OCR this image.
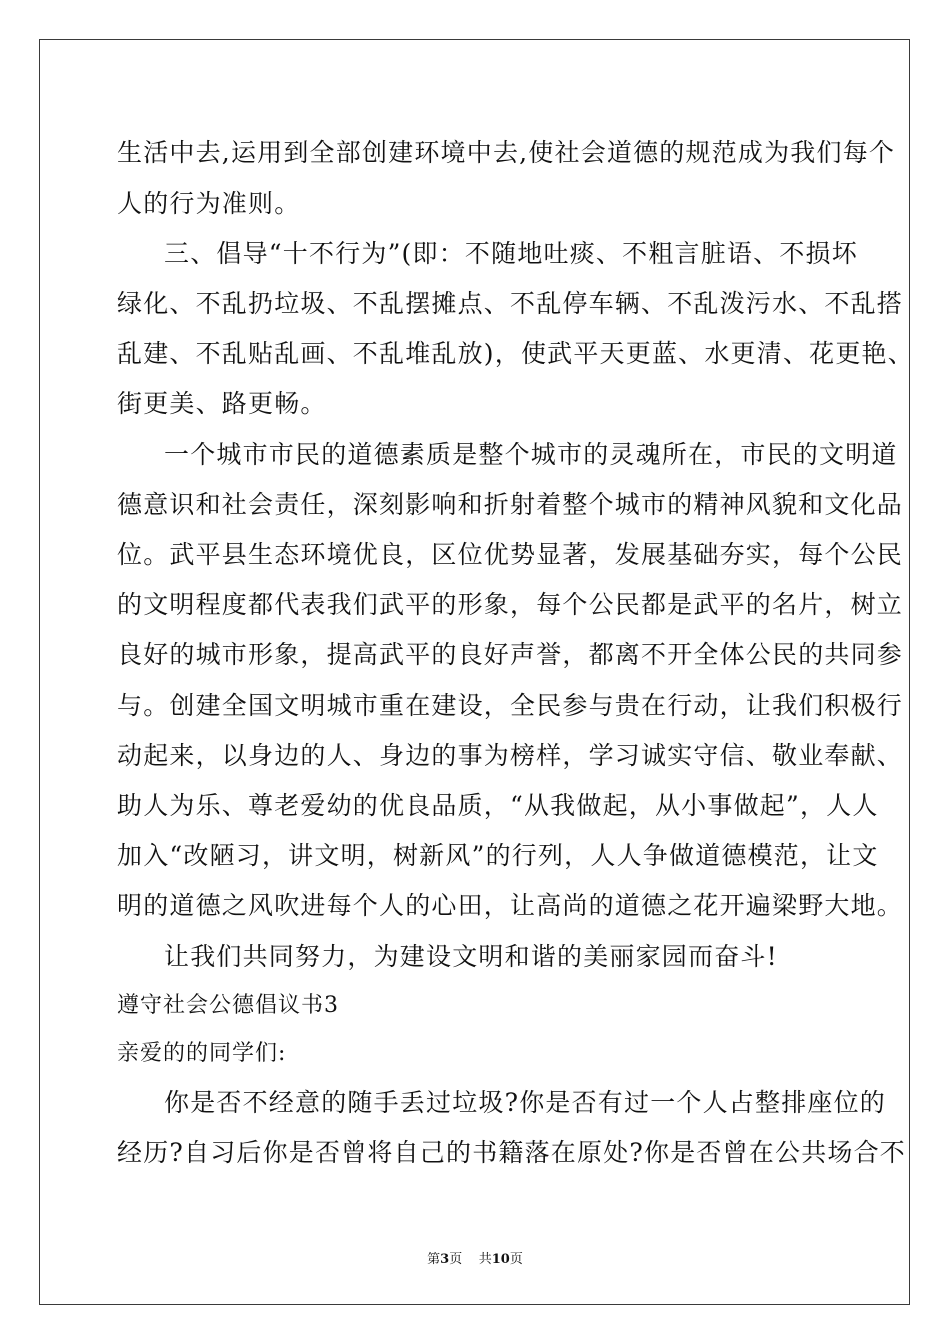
生活中去,运用到全部创建环境中去,使社会道德的规范成为我们每个
人的行为准则。
三、倡导“十不行为”(即：不随地吐痰、不粗言脏语、不损坏
绿化、不乱扔垃圾、不乱摆摊点、不乱停车辆、不乱泼污水、不乱搭
乱建、不乱贴乱画、不乱堆乱放)，使武平天更蓝、水更清、花更艳、
街更美、路更畅。
一个城市市民的道德素质是整个城市的灵魂所在，市民的文明道
德意识和社会责任，深刻影响和折射着整个城市的精神风貌和文化品
位。武平县生态环境优良，区位优势显著，发展基础夯实，每个公民
的文明程度都代表我们武平的形象，每个公民都是武平的名片，树立
良好的城市形象，提高武平的良好声誉，都离不开全体公民的共同参
与。创建全国文明城市重在建设，全民参与贵在行动，让我们积极行
动起来，以身边的人、身边的事为榜样，学习诚实守信、敬业奉献、
助人为乐、尊老爱幼的优良品质，“从我做起，从小事做起”，人人
加入“改陋习，讲文明，树新风”的行列，人人争做道德模范，让文
明的道德之风吹进每个人的心田，让高尚的道德之花开遍梁野大地。
让我们共同努力，为建设文明和谐的美丽家园而奋斗!
遵守社会公德倡议书3
亲爱的的同学们:
你是否不经意的随手丢过垃圾?你是否有过一个人占整排座位的
经历?自习后你是否曾将自己的书籍落在原处?你是否曾在公共场合不
第3页 共10页
